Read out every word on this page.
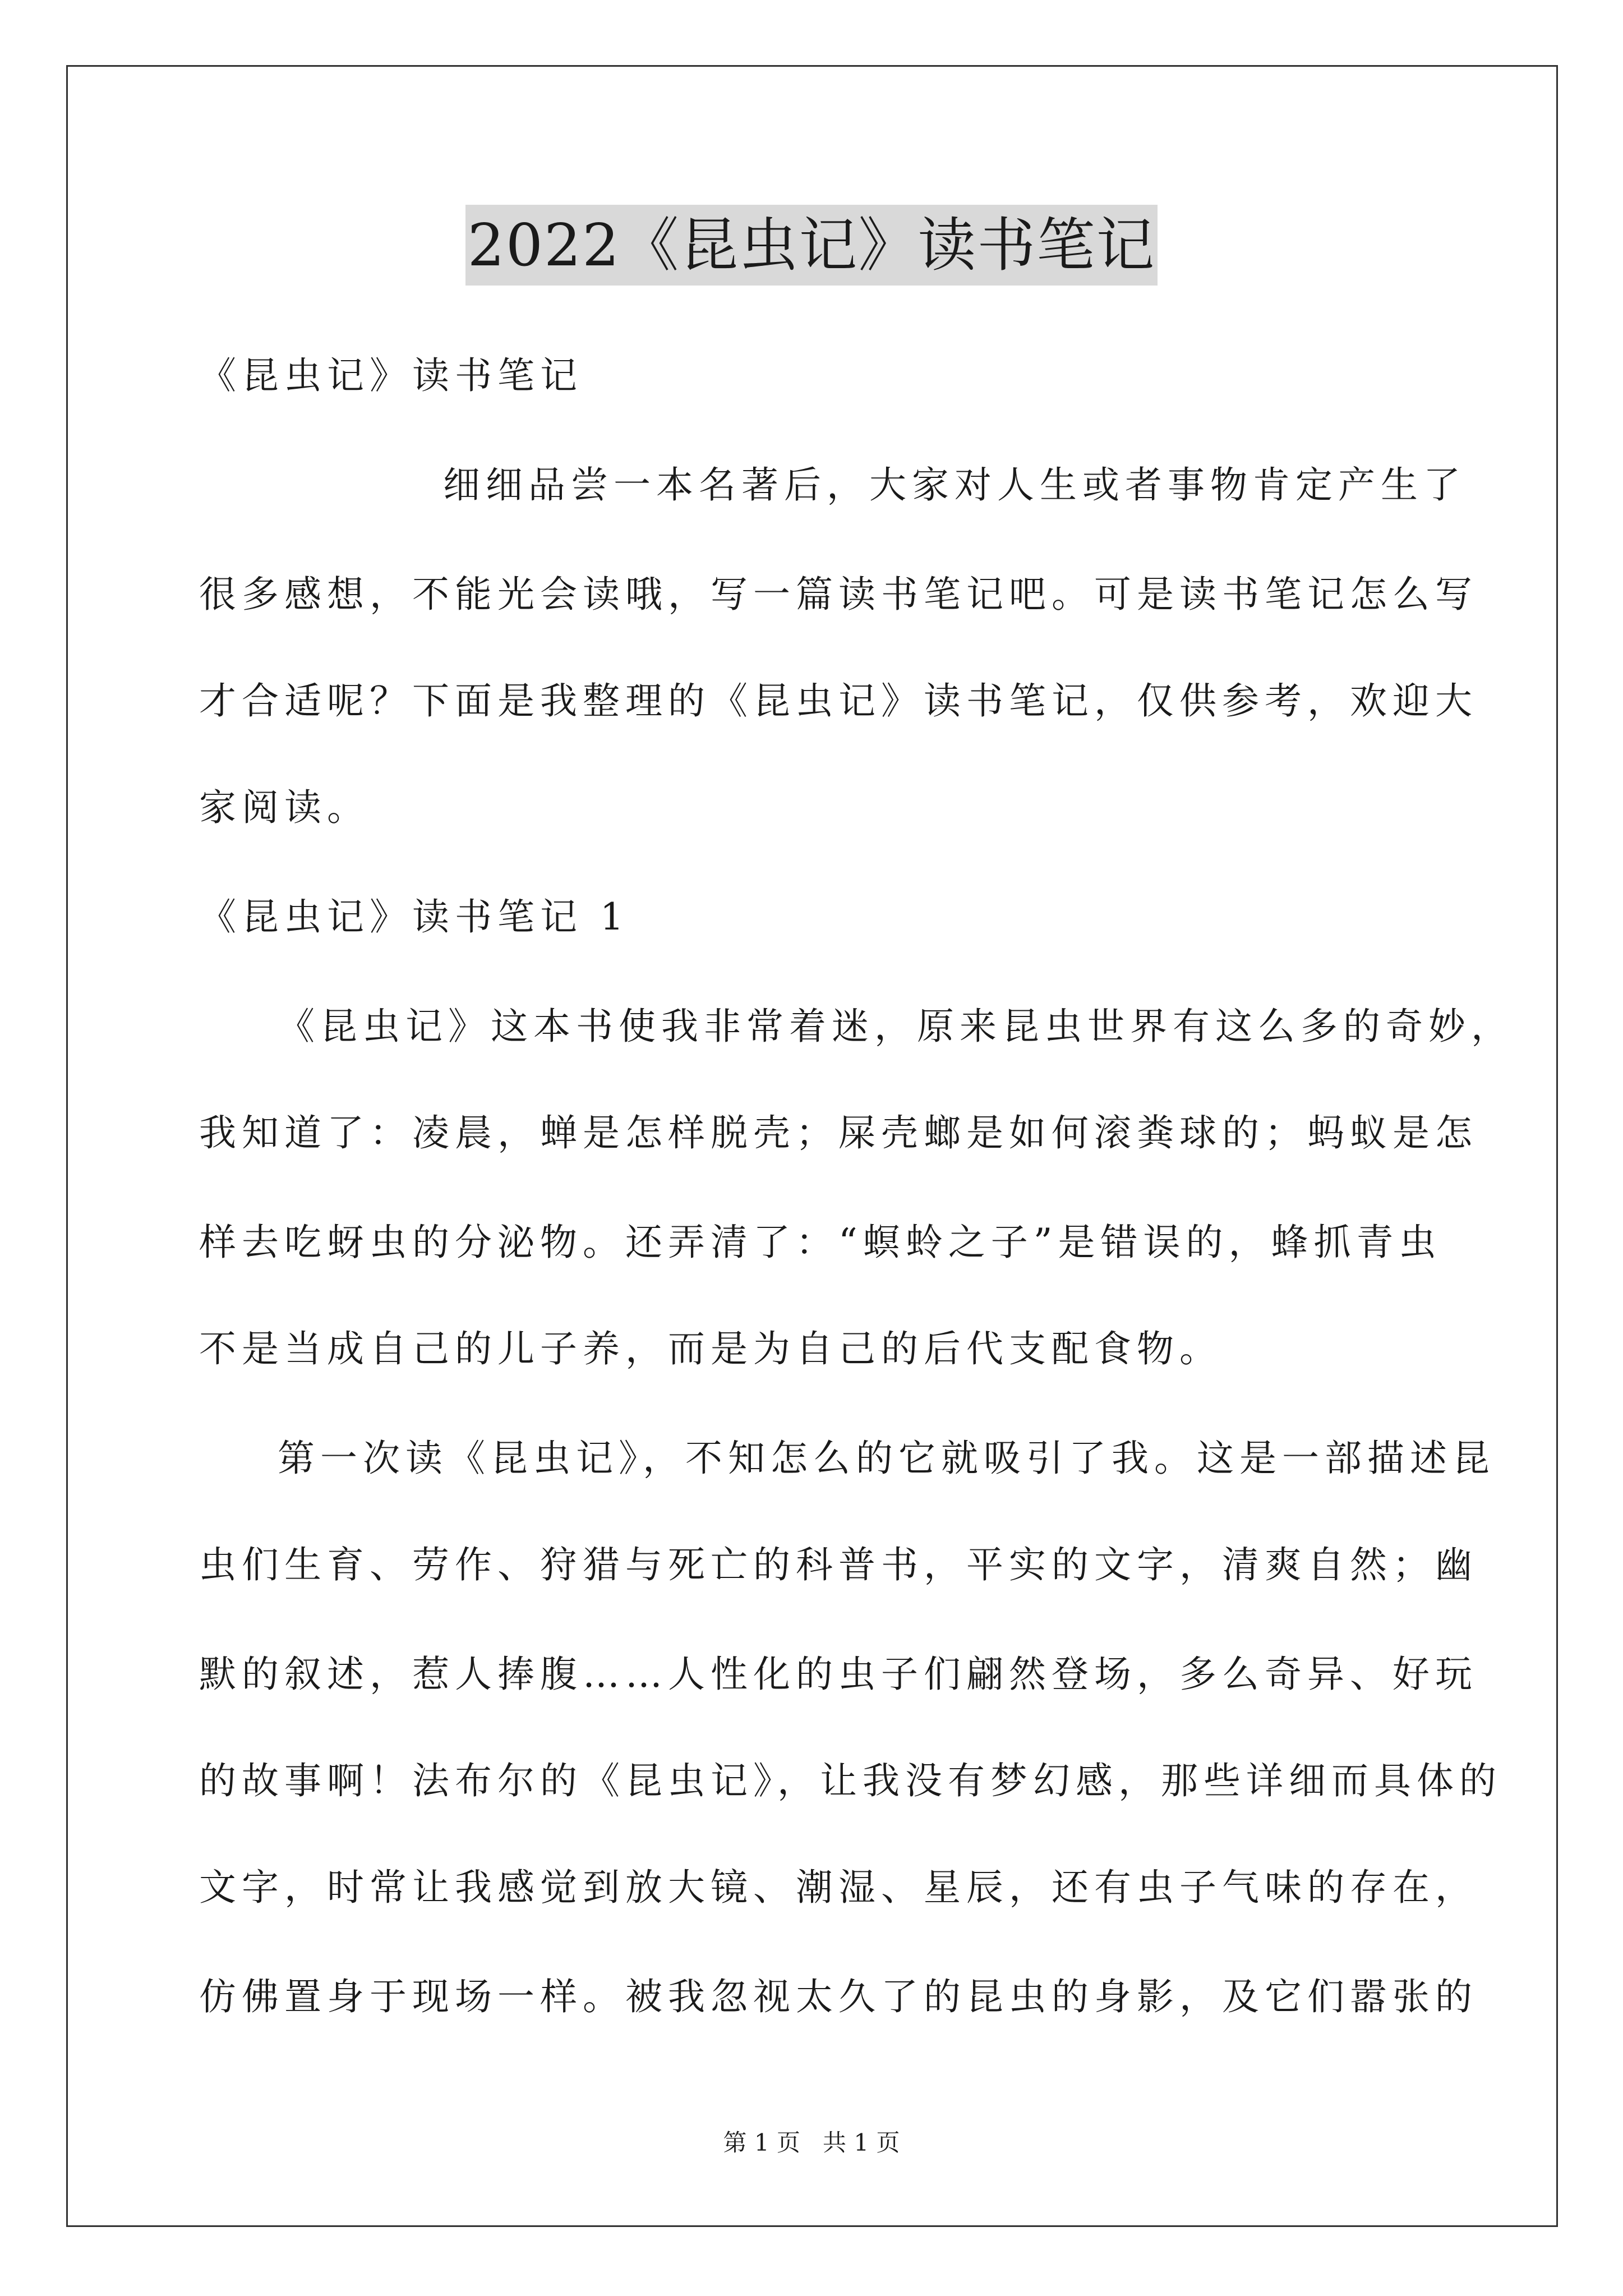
2022《昆虫记》读书笔记

《昆虫记》读书笔记

细细品尝一本名著后，大家对人生或者事物肯定产生了

很多感想，不能光会读哦，写一篇读书笔记吧。可是读书笔记怎么写

才合适呢？下面是我整理的《昆虫记》读书笔记，仅供参考，欢迎大

家阅读。

《昆虫记》读书笔记 1

《昆虫记》这本书使我非常着迷，原来昆虫世界有这么多的奇妙，

我知道了：凌晨，蝉是怎样脱壳；屎壳螂是如何滚粪球的；蚂蚁是怎

样去吃蚜虫的分泌物。还弄清了：“螟蛉之子”是错误的，蜂抓青虫

不是当成自己的儿子养，而是为自己的后代支配食物。

第一次读《昆虫记》，不知怎么的它就吸引了我。这是一部描述昆

虫们生育、劳作、狩猎与死亡的科普书，平实的文字，清爽自然；幽

默的叙述，惹人捧腹……人性化的虫子们翩然登场，多么奇异、好玩

的故事啊！法布尔的《昆虫记》，让我没有梦幻感，那些详细而具体的

文字，时常让我感觉到放大镜、潮湿、星辰，还有虫子气味的存在，

仿佛置身于现场一样。被我忽视太久了的昆虫的身影，及它们嚣张的

第 1 页   共 1 页
